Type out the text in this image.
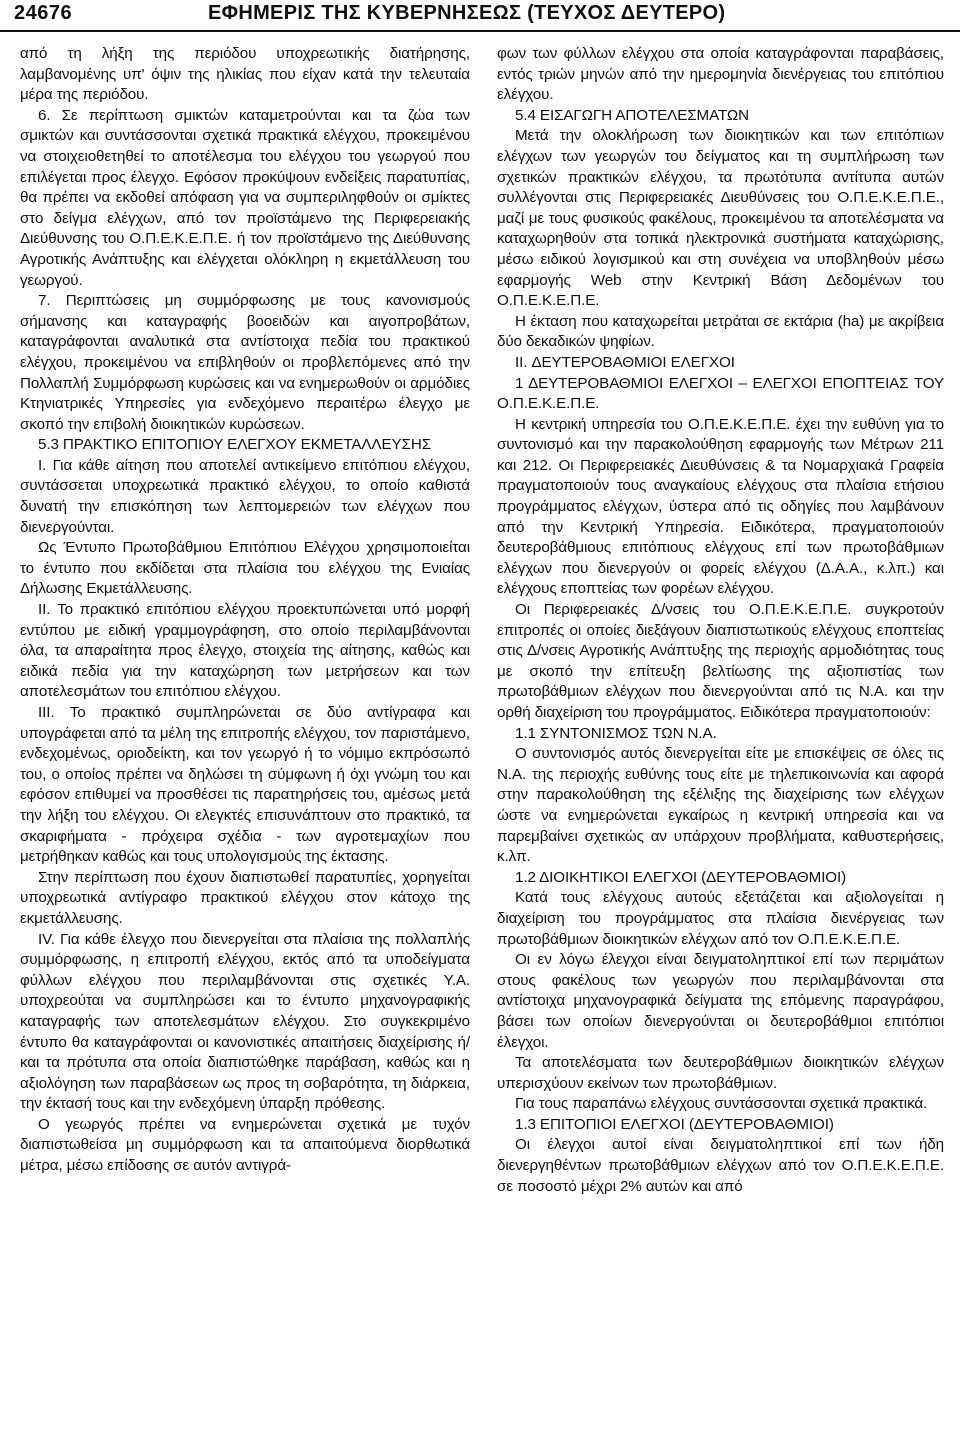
24676	ΕΦΗΜΕΡΙΣ ΤΗΣ ΚΥΒΕΡΝΗΣΕΩΣ (ΤΕΥΧΟΣ ΔΕΥΤΕΡΟ)

από τη λήξη της περιόδου υποχρεωτικής διατήρησης, λαμβανομένης υπ' όψιν της ηλικίας που είχαν κατά την τελευταία μέρα της περιόδου.

6. Σε περίπτωση σμικτών καταμετρούνται και τα ζώα των σμικτών και συντάσσονται σχετικά πρακτικά ελέγχου, προκειμένου να στοιχειοθετηθεί το αποτέλεσμα του ελέγχου του γεωργού που επιλέγεται προς έλεγχο. Εφόσον προκύψουν ενδείξεις παρατυπίας, θα πρέπει να εκδοθεί απόφαση για να συμπεριληφθούν οι σμίκτες στο δείγμα ελέγχων, από τον προϊστάμενο της Περιφερειακής Διεύθυνσης του Ο.Π.Ε.Κ.Ε.Π.Ε. ή τον προϊστάμενο της Διεύθυνσης Αγροτικής Ανάπτυξης και ελέγχεται ολόκληρη η εκμετάλλευση του γεωργού.

7. Περιπτώσεις μη συμμόρφωσης με τους κανονισμούς σήμανσης και καταγραφής βοοειδών και αιγοπροβάτων, καταγράφονται αναλυτικά στα αντίστοιχα πεδία του πρακτικού ελέγχου, προκειμένου να επιβληθούν οι προβλεπόμενες από την Πολλαπλή Συμμόρφωση κυρώσεις και να ενημερωθούν οι αρμόδιες Κτηνιατρικές Υπηρεσίες για ενδεχόμενο περαιτέρω έλεγχο με σκοπό την επιβολή διοικητικών κυρώσεων.

5.3 ΠΡΑΚΤΙΚΟ ΕΠΙΤΟΠΙΟΥ ΕΛΕΓΧΟΥ ΕΚΜΕΤΑΛΛΕΥΣΗΣ

I. Για κάθε αίτηση που αποτελεί αντικείμενο επιτόπιου ελέγχου, συντάσσεται υποχρεωτικά πρακτικό ελέγχου, το οποίο καθιστά δυνατή την επισκόπηση των λεπτομερειών των ελέγχων που διενεργούνται.

Ως Έντυπο Πρωτοβάθμιου Επιτόπιου Ελέγχου χρησιμοποιείται το έντυπο που εκδίδεται στα πλαίσια του ελέγχου της Ενιαίας Δήλωσης Εκμετάλλευσης.

II. Το πρακτικό επιτόπιου ελέγχου προεκτυπώνεται υπό μορφή εντύπου με ειδική γραμμογράφηση, στο οποίο περιλαμβάνονται όλα, τα απαραίτητα προς έλεγχο, στοιχεία της αίτησης, καθώς και ειδικά πεδία για την καταχώρηση των μετρήσεων και των αποτελεσμάτων του επιτόπιου ελέγχου.

III. Το πρακτικό συμπληρώνεται σε δύο αντίγραφα και υπογράφεται από τα μέλη της επιτροπής ελέγχου, τον παριστάμενο, ενδεχομένως, οριοδείκτη, και τον γεωργό ή το νόμιμο εκπρόσωπό του, ο οποίος πρέπει να δηλώσει τη σύμφωνη ή όχι γνώμη του και εφόσον επιθυμεί να προσθέσει τις παρατηρήσεις του, αμέσως μετά την λήξη του ελέγχου. Οι ελεγκτές επισυνάπτουν στο πρακτικό, τα σκαριφήματα - πρόχειρα σχέδια - των αγροτεμαχίων που μετρήθηκαν καθώς και τους υπολογισμούς της έκτασης.

Στην περίπτωση που έχουν διαπιστωθεί παρατυπίες, χορηγείται υποχρεωτικά αντίγραφο πρακτικού ελέγχου στον κάτοχο της εκμετάλλευσης.

IV. Για κάθε έλεγχο που διενεργείται στα πλαίσια της πολλαπλής συμμόρφωσης, η επιτροπή ελέγχου, εκτός από τα υποδείγματα φύλλων ελέγχου που περιλαμβάνονται στις σχετικές Υ.Α. υποχρεούται να συμπληρώσει και το έντυπο μηχανογραφικής καταγραφής των αποτελεσμάτων ελέγχου. Στο συγκεκριμένο έντυπο θα καταγράφονται οι κανονιστικές απαιτήσεις διαχείρισης ή/και τα πρότυπα στα οποία διαπιστώθηκε παράβαση, καθώς και η αξιολόγηση των παραβάσεων ως προς τη σοβαρότητα, τη διάρκεια, την έκτασή τους και την ενδεχόμενη ύπαρξη πρόθεσης.

Ο γεωργός πρέπει να ενημερώνεται σχετικά με τυχόν διαπιστωθείσα μη συμμόρφωση και τα απαιτούμενα διορθωτικά μέτρα, μέσω επίδοσης σε αυτόν αντιγρά-

φων των φύλλων ελέγχου στα οποία καταγράφονται παραβάσεις, εντός τριών μηνών από την ημερομηνία διενέργειας του επιτόπιου ελέγχου.

5.4 ΕΙΣΑΓΩΓΗ ΑΠΟΤΕΛΕΣΜΑΤΩΝ

Μετά την ολοκλήρωση των διοικητικών και των επιτόπιων ελέγχων των γεωργών του δείγματος και τη συμπλήρωση των σχετικών πρακτικών ελέγχου, τα πρωτότυπα αντίτυπα αυτών συλλέγονται στις Περιφερειακές Διευθύνσεις του Ο.Π.Ε.Κ.Ε.Π.Ε., μαζί με τους φυσικούς φακέλους, προκειμένου τα αποτελέσματα να καταχωρηθούν στα τοπικά ηλεκτρονικά συστήματα καταχώρισης, μέσω ειδικού λογισμικού και στη συνέχεια να υποβληθούν μέσω εφαρμογής Web στην Κεντρική Βάση Δεδομένων του Ο.Π.Ε.Κ.Ε.Π.Ε.

Η έκταση που καταχωρείται μετράται σε εκτάρια (ha) με ακρίβεια δύο δεκαδικών ψηφίων.

II. ΔΕΥΤΕΡΟΒΑΘΜΙΟΙ ΕΛΕΓΧΟΙ

1 ΔΕΥΤΕΡΟΒΑΘΜΙΟΙ ΕΛΕΓΧΟΙ – ΕΛΕΓΧΟΙ ΕΠΟΠΤΕΙΑΣ ΤΟΥ Ο.Π.Ε.Κ.Ε.Π.Ε.

Η κεντρική υπηρεσία του Ο.Π.Ε.Κ.Ε.Π.Ε. έχει την ευθύνη για το συντονισμό και την παρακολούθηση εφαρμογής των Μέτρων 211 και 212. Οι Περιφερειακές Διευθύνσεις & τα Νομαρχιακά Γραφεία πραγματοποιούν τους αναγκαίους ελέγχους στα πλαίσια ετήσιου προγράμματος ελέγχων, ύστερα από τις οδηγίες που λαμβάνουν από την Κεντρική Υπηρεσία. Ειδικότερα, πραγματοποιούν δευτεροβάθμιους επιτόπιους ελέγχους επί των πρωτοβάθμιων ελέγχων που διενεργούν οι φορείς ελέγχου (Δ.Α.Α., κ.λπ.) και ελέγχους εποπτείας των φορέων ελέγχου.

Οι Περιφερειακές Δ/νσεις του Ο.Π.Ε.Κ.Ε.Π.Ε. συγκροτούν επιτροπές οι οποίες διεξάγουν διαπιστωτικούς ελέγχους εποπτείας στις Δ/νσεις Αγροτικής Ανάπτυξης της περιοχής αρμοδιότητας τους με σκοπό την επίτευξη βελτίωσης της αξιοπιστίας των πρωτοβάθμιων ελέγχων που διενεργούνται από τις Ν.Α. και την ορθή διαχείριση του προγράμματος. Ειδικότερα πραγματοποιούν:

1.1 ΣΥΝΤΟΝΙΣΜΟΣ ΤΩΝ Ν.Α.

Ο συντονισμός αυτός διενεργείται είτε με επισκέψεις σε όλες τις Ν.Α. της περιοχής ευθύνης τους είτε με τηλεπικοινωνία και αφορά στην παρακολούθηση της εξέλιξης της διαχείρισης των ελέγχων ώστε να ενημερώνεται εγκαίρως η κεντρική υπηρεσία και να παρεμβαίνει σχετικώς αν υπάρχουν προβλήματα, καθυστερήσεις, κ.λπ.

1.2 ΔΙΟΙΚΗΤΙΚΟΙ ΕΛΕΓΧΟΙ (ΔΕΥΤΕΡΟΒΑΘΜΙΟΙ)

Κατά τους ελέγχους αυτούς εξετάζεται και αξιολογείται η διαχείριση του προγράμματος στα πλαίσια διενέργειας των πρωτοβάθμιων διοικητικών ελέγχων από τον Ο.Π.Ε.Κ.Ε.Π.Ε.

Οι εν λόγω έλεγχοι είναι δειγματοληπτικοί επί των περιμάτων στους φακέλους των γεωργών που περιλαμβάνονται στα αντίστοιχα μηχανογραφικά δείγματα της επόμενης παραγράφου, βάσει των οποίων διενεργούνται οι δευτεροβάθμιοι επιτόπιοι έλεγχοι.

Τα αποτελέσματα των δευτεροβάθμιων διοικητικών ελέγχων υπερισχύουν εκείνων των πρωτοβάθμιων.

Για τους παραπάνω ελέγχους συντάσσονται σχετικά πρακτικά.

1.3 ΕΠΙΤΟΠΙΟΙ ΕΛΕΓΧΟΙ (ΔΕΥΤΕΡΟΒΑΘΜΙΟΙ)

Οι έλεγχοι αυτοί είναι δειγματοληπτικοί επί των ήδη διενεργηθέντων πρωτοβάθμιων ελέγχων από τον Ο.Π.Ε.Κ.Ε.Π.Ε. σε ποσοστό μέχρι 2% αυτών και από
